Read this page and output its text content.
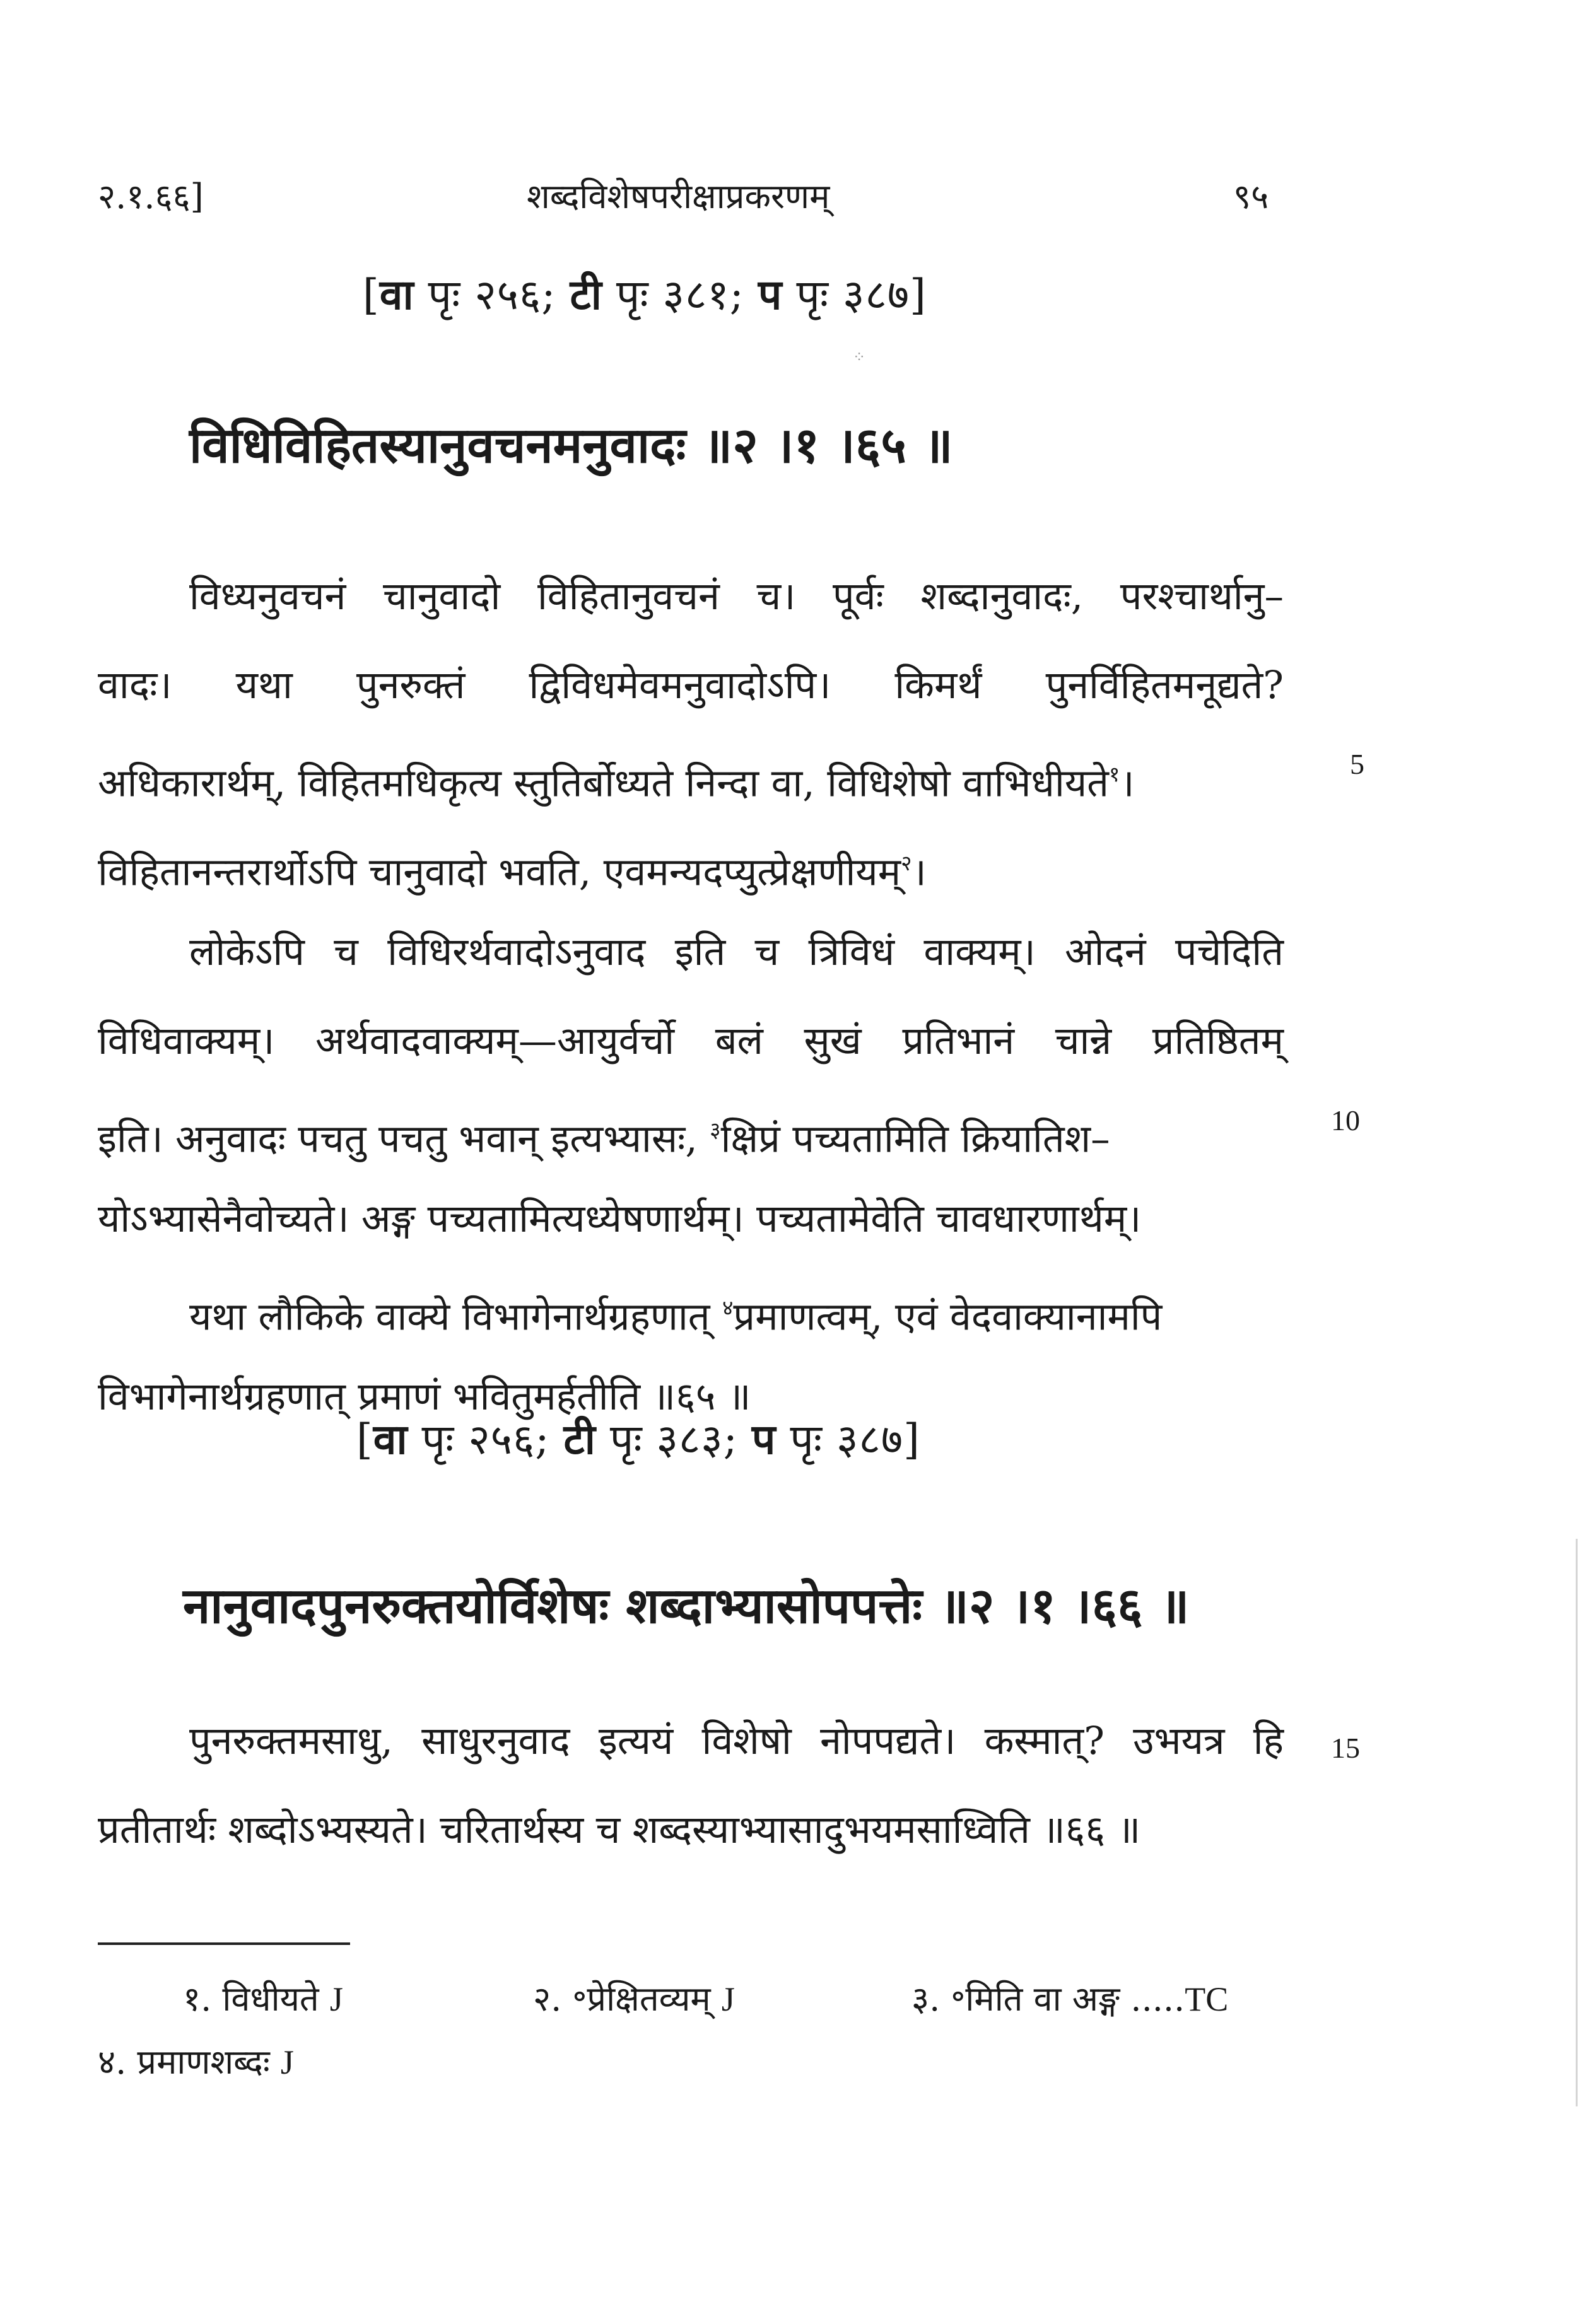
२.१.६६]	शब्दविशेषपरीक्षाप्रकरणम्	९५
[वा पृः २५६; टी पृः ३८१; प पृः ३८७]
⁘
विधिविहितस्यानुवचनमनुवादः ॥२ ।१ ।६५ ॥
विध्यनुवचनं चानुवादो विहितानुवचनं च। पूर्वः शब्दानुवादः, परश्चार्थानु–
वादः। यथा पुनरुक्तं द्विविधमेवमनुवादोऽपि। किमर्थं पुनर्विहितमनूद्यते?
अधिकारार्थम्, विहितमधिकृत्य स्तुतिर्बोध्यते निन्दा वा, विधिशेषो वाभिधीयते$^१$।
विहितानन्तरार्थोऽपि चानुवादो भवति, एवमन्यदप्युत्प्रेक्षणीयम्$^२$।
लोकेऽपि च विधिरर्थवादोऽनुवाद इति च त्रिविधं वाक्यम्। ओदनं पचेदिति
विधिवाक्यम्। अर्थवादवाक्यम्—आयुर्वर्चो बलं सुखं प्रतिभानं चान्ने प्रतिष्ठितम्
इति। अनुवादः पचतु पचतु भवान् इत्यभ्यासः, $^३$क्षिप्रं पच्यतामिति क्रियातिश–
योऽभ्यासेनैवोच्यते। अङ्ग पच्यतामित्यध्येषणार्थम्। पच्यतामेवेति चावधारणार्थम्।
यथा लौकिके वाक्ये विभागेनार्थग्रहणात् $^४$प्रमाणत्वम्, एवं वेदवाक्यानामपि
विभागेनार्थग्रहणात् प्रमाणं भवितुमर्हतीति ॥६५ ॥
5
10
[वा पृः २५६; टी पृः ३८३; प पृः ३८७]
नानुवादपुनरुक्तयोर्विशेषः शब्दाभ्यासोपपत्तेः ॥२ ।१ ।६६ ॥
पुनरुक्तमसाधु, साधुरनुवाद इत्ययं विशेषो नोपपद्यते। कस्मात्? उभयत्र हि
प्रतीतार्थः शब्दोऽभ्यस्यते। चरितार्थस्य च शब्दस्याभ्यासादुभयमसाध्विति ॥६६ ॥
15
१. विधीयते J	२. ॰प्रेक्षितव्यम् J	३. ॰मिति वा अङ्ग .....TC
४. प्रमाणशब्दः J
